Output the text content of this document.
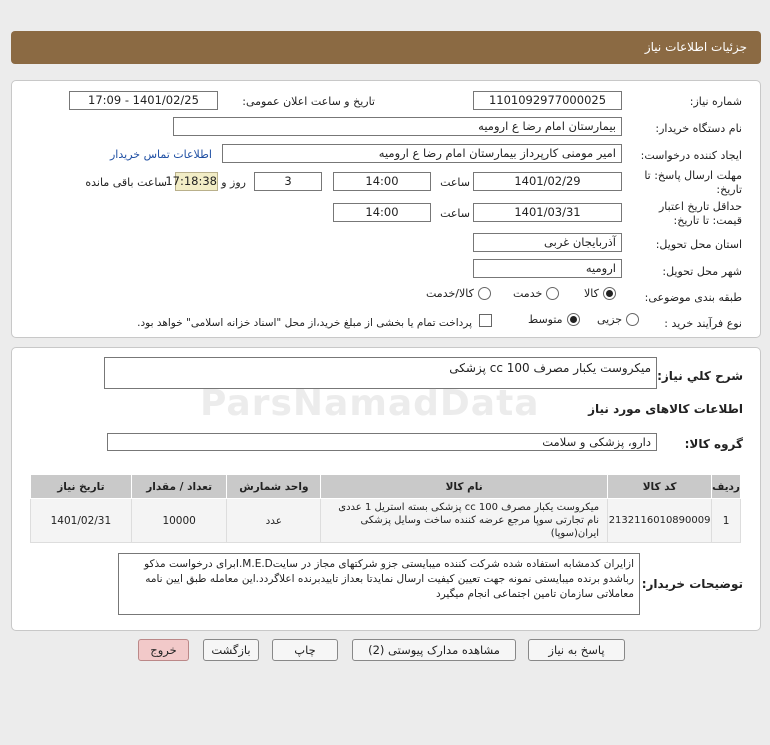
جزئیات اطلاعات نیاز
شماره نیاز:
1101092977000025
تاریخ و ساعت اعلان عمومی:
1401/02/25 - 17:09
نام دستگاه خریدار:
بیمارستان امام رضا ع ارومیه
ایجاد کننده درخواست:
امیر مومنی کارپرداز بیمارستان امام رضا ع ارومیه
اطلاعات تماس خریدار
مهلت ارسال پاسخ: تا
تاریخ:
1401/02/29
ساعت
14:00
3
روز و
17:18:38
ساعت باقی مانده
حداقل تاریخ اعتبار
قیمت: تا تاریخ:
1401/03/31
ساعت
14:00
استان محل تحویل:
آذربایجان غربی
شهر محل تحویل:
ارومیه
طبقه بندی موضوعی:
کالا
خدمت
کالا/خدمت
نوع فرآیند خرید :
جزیی
متوسط
پرداخت تمام یا بخشی از مبلغ خرید،از محل "اسناد خزانه اسلامی" خواهد بود.
شرح كلي نياز:
میکروست یکبار مصرف cc 100 پزشکی
اطلاعات کالاهای مورد نیاز
گروه کالا:
دارو، پزشکی و سلامت
تاریخ نیاز	تعداد / مقدار	واحد شمارش	نام کالا	کد کالا	ردیف
1401/02/31	10000	عدد	میکروست یکبار مصرف cc 100 پزشکی بسته استریل 1 عددی نام تجارتی سوپا مرجع عرضه کننده ساخت وسایل پزشکی ایران(سوپا)	2132116010890009	1
توضیحات خریدار:
ازایران کدمشابه استفاده شده شرکت کننده میبایستی جزو شرکتهای مجاز در سایتI.M.E.Dبرای درخواست مذکو رباشدو برنده میبایستی نمونه جهت تعیین کیفیت ارسال نمایدتا بعداز تاییدبرنده اعلاگردد.این معامله طبق ایین نامه معاملاتی سازمان تامین اجتماعی انجام میگیرد
پاسخ به نیاز
مشاهده مدارک پیوستی (2)
چاپ
بازگشت
خروج
ParsNamadData
